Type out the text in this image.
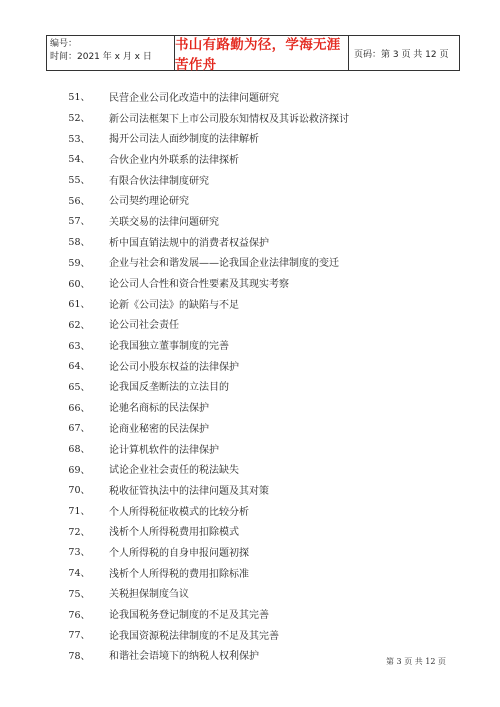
编号：
时间：2021 年 x 月 x 日
书山有路勤为径，学海无涯苦作舟
页码：第 3 页 共 12 页
51、	民营企业公司化改造中的法律问题研究
52、	新公司法框架下上市公司股东知情权及其诉讼救济探讨
53、	揭开公司法人面纱制度的法律解析
54、	合伙企业内外联系的法律探析
55、	有限合伙法律制度研究
56、	公司契约理论研究
57、	关联交易的法律问题研究
58、	析中国直销法规中的消费者权益保护
59、	企业与社会和谐发展——论我国企业法律制度的变迁
60、	论公司人合性和资合性要素及其现实考察
61、	论新《公司法》的缺陷与不足
62、	论公司社会责任
63、	论我国独立董事制度的完善
64、	论公司小股东权益的法律保护
65、	论我国反垄断法的立法目的
66、	论驰名商标的民法保护
67、	论商业秘密的民法保护
68、	论计算机软件的法律保护
69、	试论企业社会责任的税法缺失
70、	税收征管执法中的法律问题及其对策
71、	个人所得税征收模式的比较分析
72、	浅析个人所得税费用扣除模式
73、	个人所得税的自身申报问题初探
74、	浅析个人所得税的费用扣除标准
75、	关税担保制度刍议
76、	论我国税务登记制度的不足及其完善
77、	论我国资源税法律制度的不足及其完善
78、	和谐社会语境下的纳税人权利保护	第 3 页 共 12 页
